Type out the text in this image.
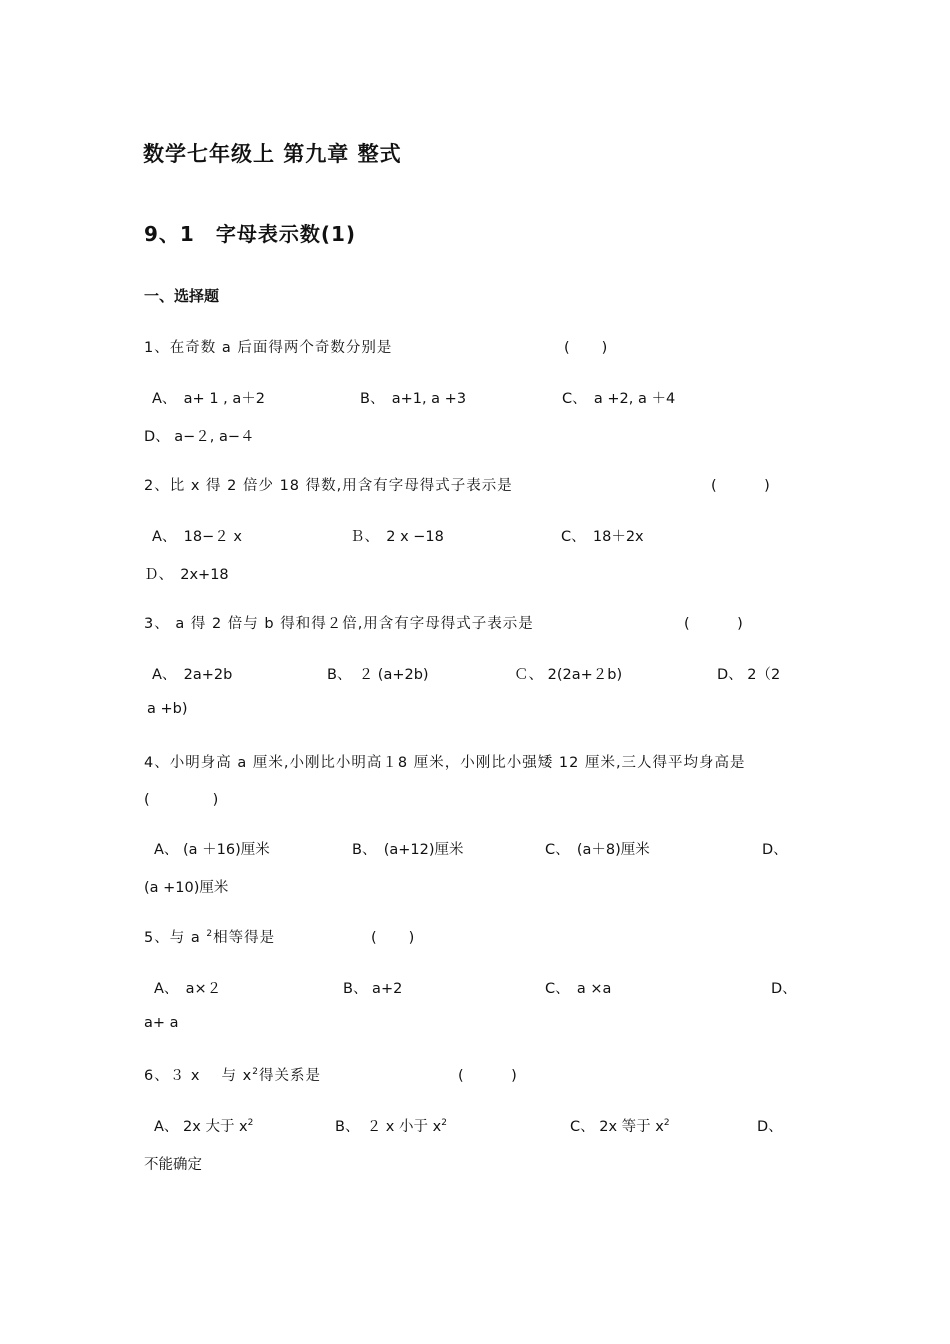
数学七年级上 第九章 整式
9、1　字母表示数(1)
一、选择题
1、在奇数 a 后面得两个奇数分别是	(　　)
A、　a+ 1 , a＋2	B、　a+1, a +3	C、　a +2, a ＋4
D、 a−２, a−４
2、比 x 得 2 倍少 18 得数,用含有字母得式子表示是	(　　　)
A、　18−２ x	Ｂ、　2 x −18	C、　18＋2x
Ｄ、　2x+18
3、 a 得 2 倍与 b 得和得２倍,用含有字母得式子表示是	(　　　)
A、　2a+2b	B、　２ (a+2b)	Ｃ、 2(2a+２b)	D、 2（2
a +b)
4、小明身高 a 厘米,小刚比小明高１8 厘米，小刚比小强矮 12 厘米,三人得平均身高是
(　　　　)
A、 (a ＋16)厘米	B、　(a+12)厘米	C、　(a＋8)厘米	D、
(a +10)厘米
5、与 a $^2$相等得是	(　　)
A、　a×２	B、 a+2	C、　a ×a	D、
a+ a
6、３ x　 与 $x^2$得关系是	(　　　)
A、 2x 大于 $x^2$	B、　２ x 小于 $x^2$	C、 2x 等于 $x^2$	D、
不能确定
